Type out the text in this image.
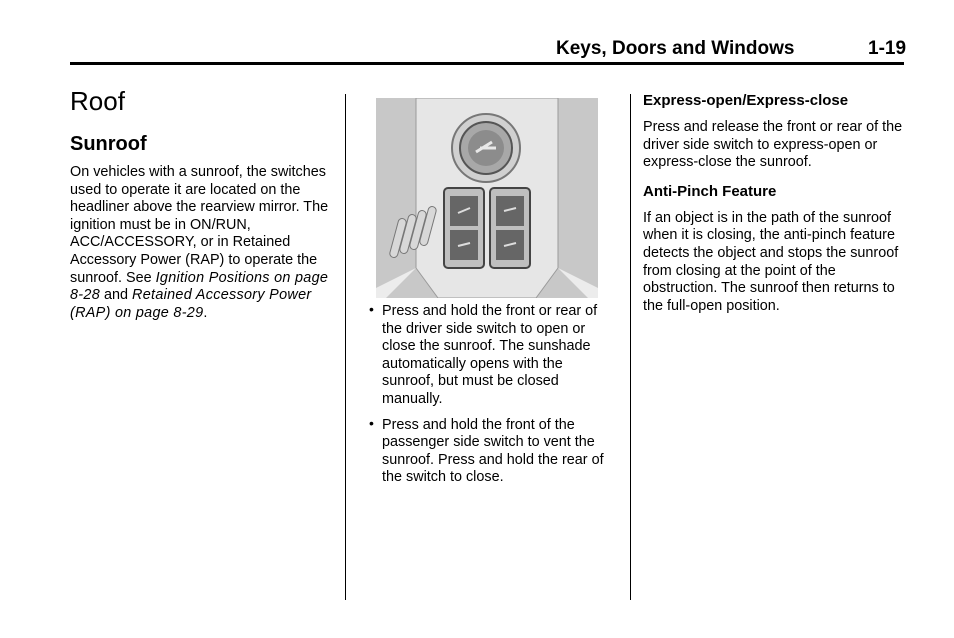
Keys, Doors and Windows	1-19
Roof
Sunroof
On vehicles with a sunroof, the switches used to operate it are located on the headliner above the rearview mirror. The ignition must be in ON/RUN, ACC/ACCESSORY, or in Retained Accessory Power (RAP) to operate the sunroof. See Ignition Positions on page 8-28 and Retained Accessory Power (RAP) on page 8-29.	• Press and hold the front or rear of the driver side switch to open or close the sunroof. The sunshade automatically opens with the sunroof, but must be closed manually.
• Press and hold the front of the passenger side switch to vent the sunroof. Press and hold the rear of the switch to close.
Express-open/Express-close

Press and release the front or rear of the driver side switch to express-open or express-close the sunroof.

Anti-Pinch Feature

If an object is in the path of the sunroof when it is closing, the anti-pinch feature detects the object and stops the sunroof from closing at the point of the obstruction. The sunroof then returns to the full-open position.
